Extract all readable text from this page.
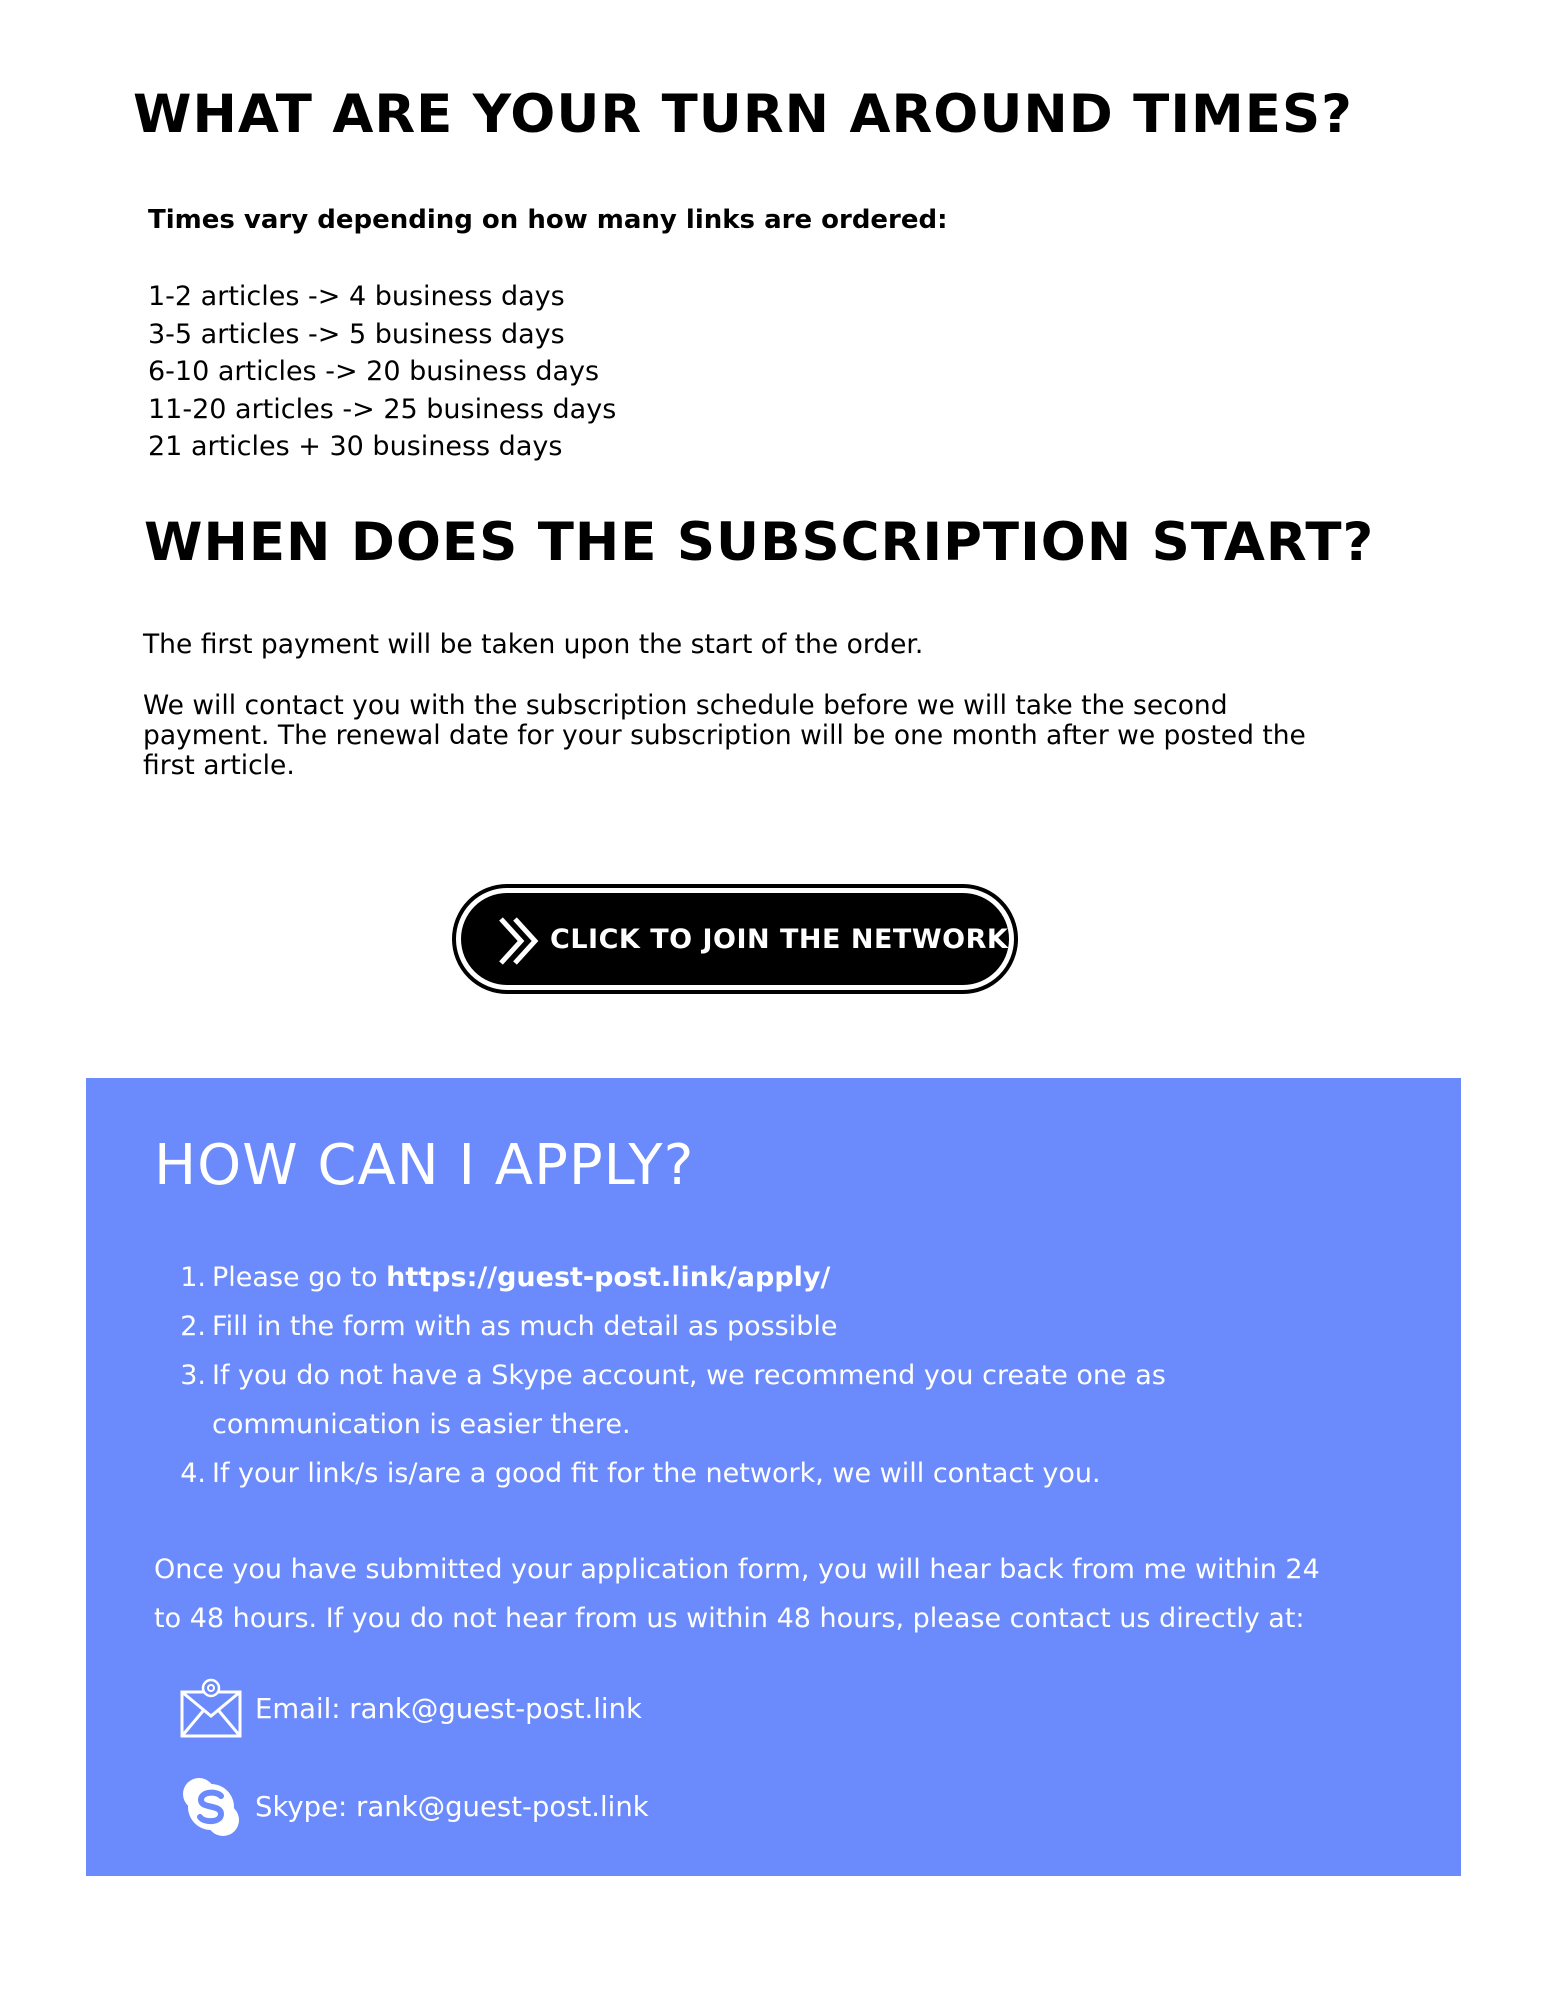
WHAT ARE YOUR TURN AROUND TIMES?
Times vary depending on how many links are ordered:
1-2 articles -> 4 business days
3-5 articles -> 5 business days
6-10 articles -> 20 business days
11-20 articles -> 25 business days
21 articles + 30 business days
WHEN DOES THE SUBSCRIPTION START?
The first payment will be taken upon the start of the order.
We will contact you with the subscription schedule before we will take the second payment. The renewal date for your subscription will be one month after we posted the first article.
CLICK TO JOIN THE NETWORK
HOW CAN I APPLY?
1. Please go to https://guest-post.link/apply/
2. Fill in the form with as much detail as possible
3. If you do not have a Skype account, we recommend you create one as communication is easier there.
4. If your link/s is/are a good fit for the network, we will contact you.
Once you have submitted your application form, you will hear back from me within 24 to 48 hours. If you do not hear from us within 48 hours, please contact us directly at:
Email: rank@guest-post.link
Skype: rank@guest-post.link
